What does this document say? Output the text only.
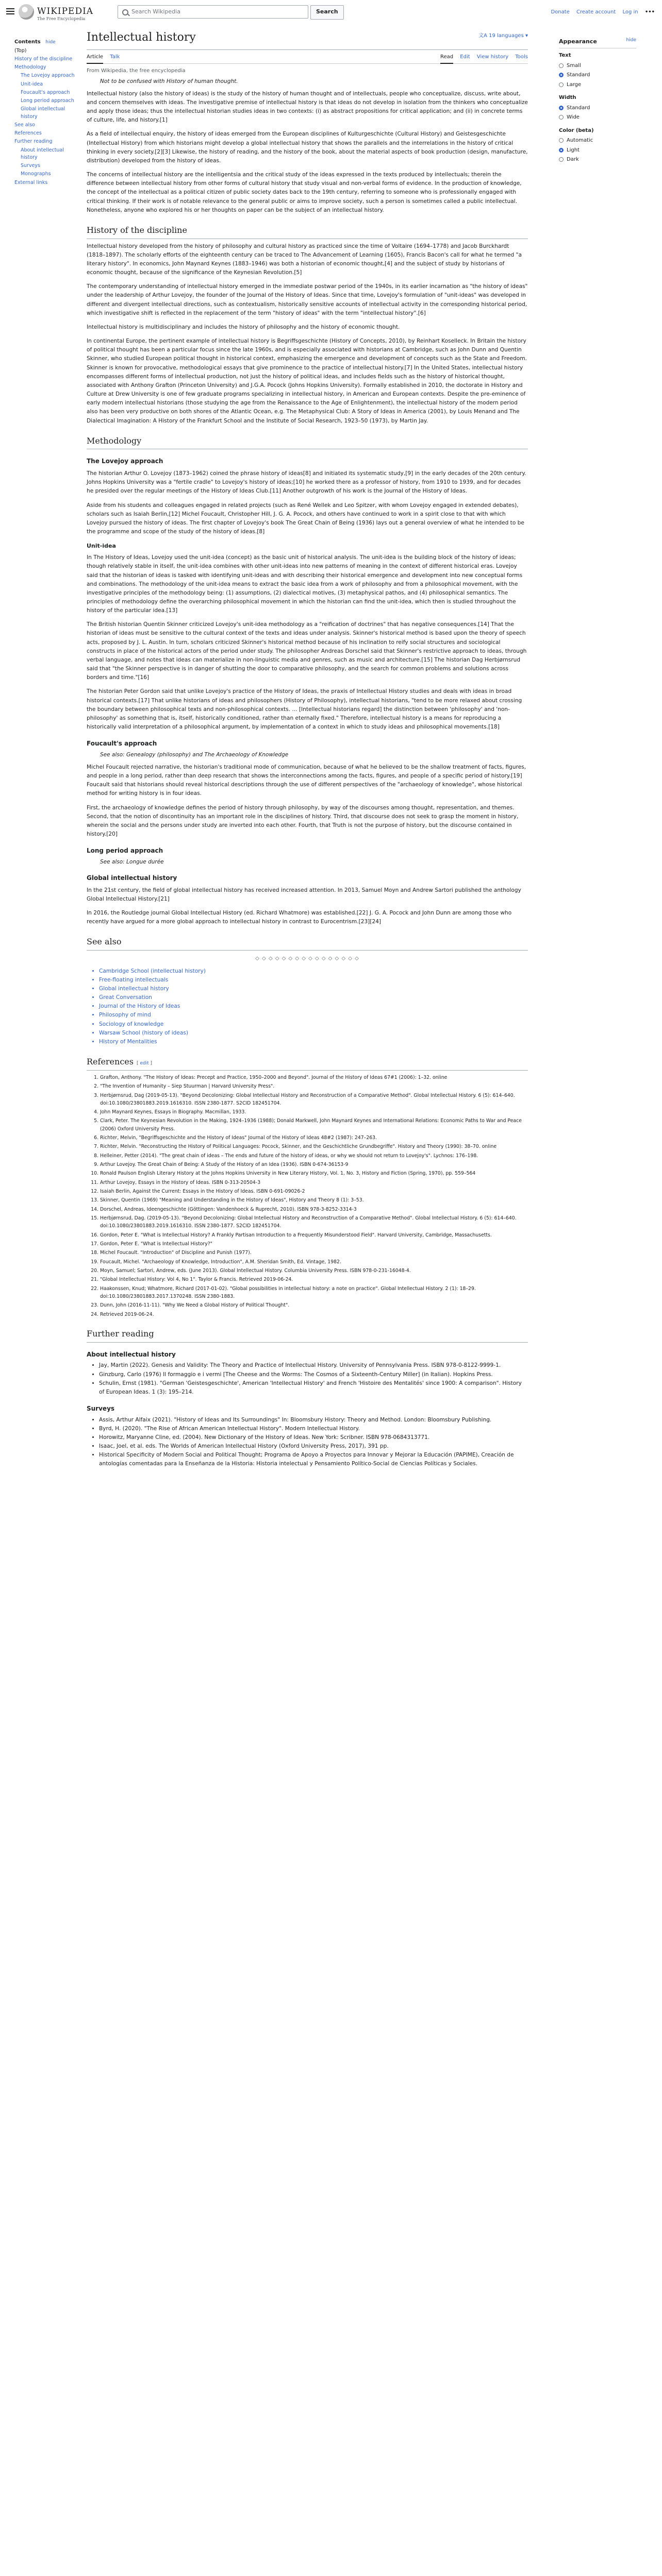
WIKIPEDIA
The Free Encyclopedia
Search Wikipedia	Search	Donate Create account Log in •••
Contents hide
(Top)
History of the discipline
Methodology
The Lovejoy approach
Unit-idea
Foucault's approach
Long period approach
Global intellectual history
See also
References
Further reading
About intellectual history
Surveys
Monographs
External links
Intellectual history	文A 19 languages ▾
Article Talk	Read Edit View history Tools
From Wikipedia, the free encyclopedia
Not to be confused with History of human thought.

Intellectual history (also the history of ideas) is the study of the history of human thought and of intellectuals, people who conceptualize, discuss, write about, and concern themselves with ideas. The investigative premise of intellectual history is that ideas do not develop in isolation from the thinkers who conceptualize and apply those ideas; thus the intellectual historian studies ideas in two contexts: (i) as abstract propositions for critical application; and (ii) in concrete terms of culture, life, and history.[1]

As a field of intellectual enquiry, the history of ideas emerged from the European disciplines of Kulturgeschichte (Cultural History) and Geistesgeschichte (Intellectual History) from which historians might develop a global intellectual history that shows the parallels and the interrelations in the history of critical thinking in every society.[2][3] Likewise, the history of reading, and the history of the book, about the material aspects of book production (design, manufacture, distribution) developed from the history of ideas.

The concerns of intellectual history are the intelligentsia and the critical study of the ideas expressed in the texts produced by intellectuals; therein the difference between intellectual history from other forms of cultural history that study visual and non-verbal forms of evidence. In the production of knowledge, the concept of the intellectual as a political citizen of public society dates back to the 19th century, referring to someone who is professionally engaged with critical thinking. If their work is of notable relevance to the general public or aims to improve society, such a person is sometimes called a public intellectual. Nonetheless, anyone who explored his or her thoughts on paper can be the subject of an intellectual history.

History of the discipline

Intellectual history developed from the history of philosophy and cultural history as practiced since the time of Voltaire (1694–1778) and Jacob Burckhardt (1818–1897). The scholarly efforts of the eighteenth century can be traced to The Advancement of Learning (1605), Francis Bacon's call for what he termed "a literary history". In economics, John Maynard Keynes (1883–1946) was both a historian of economic thought,[4] and the subject of study by historians of economic thought, because of the significance of the Keynesian Revolution.[5]

The contemporary understanding of intellectual history emerged in the immediate postwar period of the 1940s, in its earlier incarnation as "the history of ideas" under the leadership of Arthur Lovejoy, the founder of the Journal of the History of Ideas. Since that time, Lovejoy's formulation of "unit-ideas" was developed in different and divergent intellectual directions, such as contextualism, historically sensitive accounts of intellectual activity in the corresponding historical period, which investigative shift is reflected in the replacement of the term "history of ideas" with the term "intellectual history".[6]

Intellectual history is multidisciplinary and includes the history of philosophy and the history of economic thought.

In continental Europe, the pertinent example of intellectual history is Begriffsgeschichte (History of Concepts, 2010), by Reinhart Koselleck. In Britain the history of political thought has been a particular focus since the late 1960s, and is especially associated with historians at Cambridge, such as John Dunn and Quentin Skinner, who studied European political thought in historical context, emphasizing the emergence and development of concepts such as the State and Freedom. Skinner is known for provocative, methodological essays that give prominence to the practice of intellectual history.[7] In the United States, intellectual history encompasses different forms of intellectual production, not just the history of political ideas, and includes fields such as the history of historical thought, associated with Anthony Grafton (Princeton University) and J.G.A. Pocock (Johns Hopkins University). Formally established in 2010, the doctorate in History and Culture at Drew University is one of few graduate programs specializing in intellectual history, in American and European contexts. Despite the pre-eminence of early modern intellectual historians (those studying the age from the Renaissance to the Age of Enlightenment), the intellectual history of the modern period also has been very productive on both shores of the Atlantic Ocean, e.g. The Metaphysical Club: A Story of Ideas in America (2001), by Louis Menand and The Dialectical Imagination: A History of the Frankfurt School and the Institute of Social Research, 1923–50 (1973), by Martin Jay.

Methodology
The Lovejoy approach

The historian Arthur O. Lovejoy (1873–1962) coined the phrase history of ideas[8] and initiated its systematic study,[9] in the early decades of the 20th century. Johns Hopkins University was a "fertile cradle" to Lovejoy's history of ideas;[10] he worked there as a professor of history, from 1910 to 1939, and for decades he presided over the regular meetings of the History of Ideas Club.[11] Another outgrowth of his work is the Journal of the History of Ideas.

Aside from his students and colleagues engaged in related projects (such as René Wellek and Leo Spitzer, with whom Lovejoy engaged in extended debates), scholars such as Isaiah Berlin,[12] Michel Foucault, Christopher Hill, J. G. A. Pocock, and others have continued to work in a spirit close to that with which Lovejoy pursued the history of ideas. The first chapter of Lovejoy's book The Great Chain of Being (1936) lays out a general overview of what he intended to be the programme and scope of the study of the history of ideas.[8]

Unit-idea

In The History of Ideas, Lovejoy used the unit-idea (concept) as the basic unit of historical analysis. The unit-idea is the building block of the history of ideas; though relatively stable in itself, the unit-idea combines with other unit-ideas into new patterns of meaning in the context of different historical eras. Lovejoy said that the historian of ideas is tasked with identifying unit-ideas and with describing their historical emergence and development into new conceptual forms and combinations. The methodology of the unit-idea means to extract the basic idea from a work of philosophy and from a philosophical movement, with the investigative principles of the methodology being: (1) assumptions, (2) dialectical motives, (3) metaphysical pathos, and (4) philosophical semantics. The principles of methodology define the overarching philosophical movement in which the historian can find the unit-idea, which then is studied throughout the history of the particular idea.[13]

The British historian Quentin Skinner criticized Lovejoy's unit-idea methodology as a "reification of doctrines" that has negative consequences.[14] That the historian of ideas must be sensitive to the cultural context of the texts and ideas under analysis. Skinner's historical method is based upon the theory of speech acts, proposed by J. L. Austin. In turn, scholars criticized Skinner's historical method because of his inclination to reify social structures and sociological constructs in place of the historical actors of the period under study. The philosopher Andreas Dorschel said that Skinner's restrictive approach to ideas, through verbal language, and notes that ideas can materialize in non-linguistic media and genres, such as music and architecture.[15] The historian Dag Herbjørnsrud said that "the Skinner perspective is in danger of shutting the door to comparative philosophy, and the search for common problems and solutions across borders and time."[16]

The historian Peter Gordon said that unlike Lovejoy's practice of the History of Ideas, the praxis of Intellectual History studies and deals with ideas in broad historical contexts.[17] That unlike historians of ideas and philosophers (History of Philosophy), intellectual historians, "tend to be more relaxed about crossing the boundary between philosophical texts and non-philosophical contexts. ... [Intellectual historians regard] the distinction between 'philosophy' and 'non-philosophy' as something that is, itself, historically conditioned, rather than eternally fixed." Therefore, intellectual history is a means for reproducing a historically valid interpretation of a philosophical argument, by implementation of a context in which to study ideas and philosophical movements.[18]

Foucault's approach
See also: Genealogy (philosophy) and The Archaeology of Knowledge

Michel Foucault rejected narrative, the historian's traditional mode of communication, because of what he believed to be the shallow treatment of facts, figures, and people in a long period, rather than deep research that shows the interconnections among the facts, figures, and people of a specific period of history.[19] Foucault said that historians should reveal historical descriptions through the use of different perspectives of the "archaeology of knowledge", whose historical method for writing history is in four ideas.

First, the archaeology of knowledge defines the period of history through philosophy, by way of the discourses among thought, representation, and themes. Second, that the notion of discontinuity has an important role in the disciplines of history. Third, that discourse does not seek to grasp the moment in history, wherein the social and the persons under study are inverted into each other. Fourth, that Truth is not the purpose of history, but the discourse contained in history.[20]

Long period approach
See also: Longue durée
Global intellectual history

In the 21st century, the field of global intellectual history has received increased attention. In 2013, Samuel Moyn and Andrew Sartori published the anthology Global Intellectual History.[21]

In 2016, the Routledge journal Global Intellectual History (ed. Richard Whatmore) was established.[22] J. G. A. Pocock and John Dunn are among those who recently have argued for a more global approach to intellectual history in contrast to Eurocentrism.[23][24]

See also
◇ ◇ ◇ ◇ ◇ ◇ ◇ ◇ ◇ ◇ ◇ ◇ ◇ ◇ ◇ ◇
• Cambridge School (intellectual history)
• Free-floating intellectuals
• Global intellectual history
• Great Conversation
• Journal of the History of Ideas
• Philosophy of mind
• Sociology of knowledge
• Warsaw School (history of ideas)
• History of Mentalities
References [ edit ]
1. Grafton, Anthony. "The History of Ideas: Precept and Practice, 1950–2000 and Beyond". Journal of the History of Ideas 67#1 (2006): 1–32. online
2. "The Invention of Humanity – Siep Stuurman | Harvard University Press".
3. Herbjørnsrud, Dag (2019-05-13). "Beyond Decolonizing: Global Intellectual History and Reconstruction of a Comparative Method". Global Intellectual History. 6 (5): 614–640. doi:10.1080/23801883.2019.1616310. ISSN 2380-1877. S2CID 182451704.
4. John Maynard Keynes, Essays in Biography. Macmillan, 1933.
5. Clark, Peter. The Keynesian Revolution in the Making, 1924–1936 (1988); Donald Markwell, John Maynard Keynes and International Relations: Economic Paths to War and Peace (2006) Oxford University Press.
6. Richter, Melvin, "Begriffsgeschichte and the History of Ideas" Journal of the History of Ideas 48#2 (1987): 247–263.
7. Richter, Melvin. "Reconstructing the History of Political Languages: Pocock, Skinner, and the Geschichtliche Grundbegriffe". History and Theory (1990): 38–70. online
8. Helleiner, Petter (2014). "The great chain of ideas – The ends and future of the history of ideas, or why we should not return to Lovejoy's". Lychnos: 176–198.
9. Arthur Lovejoy. The Great Chain of Being: A Study of the History of an Idea (1936). ISBN 0-674-36153-9
10. Ronald Paulson English Literary History at the Johns Hopkins University in New Literary History, Vol. 1, No. 3, History and Fiction (Spring, 1970), pp. 559–564
11. Arthur Lovejoy, Essays in the History of Ideas. ISBN 0-313-20504-3
12. Isaiah Berlin, Against the Current: Essays in the History of Ideas. ISBN 0-691-09026-2
13. Skinner, Quentin (1969) "Meaning and Understanding in the History of Ideas", History and Theory 8 (1): 3–53.
14. Dorschel, Andreas, Ideengeschichte (Göttingen: Vandenhoeck & Ruprecht, 2010). ISBN 978-3-8252-3314-3
15. Herbjørnsrud, Dag. (2019-05-13). "Beyond Decolonizing: Global Intellectual History and Reconstruction of a Comparative Method". Global Intellectual History. 6 (5): 614–640. doi:10.1080/23801883.2019.1616310. ISSN 2380-1877. S2CID 182451704.
16. Gordon, Peter E. "What is Intellectual History? A Frankly Partisan Introduction to a Frequently Misunderstood Field". Harvard University, Cambridge, Massachusetts.
17. Gordon, Peter E. "What is Intellectual History?"
18. Michel Foucault. "Introduction" of Discipline and Punish (1977).
19. Foucault, Michel. "Archaeology of Knowledge, Introduction", A.M. Sheridan Smith, Ed. Vintage, 1982.
20. Moyn, Samuel; Sartori, Andrew, eds. (June 2013). Global Intellectual History. Columbia University Press. ISBN 978-0-231-16048-4.
21. "Global Intellectual History: Vol 4, No 1". Taylor & Francis. Retrieved 2019-06-24.
22. Haakonssen, Knud; Whatmore, Richard (2017-01-02). "Global possibilities in intellectual history: a note on practice". Global Intellectual History. 2 (1): 18–29. doi:10.1080/23801883.2017.1370248. ISSN 2380-1883.
23. Dunn, John (2016-11-11). "Why We Need a Global History of Political Thought".
24. Retrieved 2019-06-24.
Further reading
About intellectual history
• Jay, Martin (2022). Genesis and Validity: The Theory and Practice of Intellectual History. University of Pennsylvania Press. ISBN 978-0-8122-9999-1.
• Ginzburg, Carlo (1976) Il formaggio e i vermi [The Cheese and the Worms: The Cosmos of a Sixteenth-Century Miller] (in Italian). Hopkins Press.
• Schulin, Ernst (1981). "German 'Geistesgeschichte', American 'Intellectual History' and French 'Histoire des Mentalités' since 1900: A comparison". History of European Ideas. 1 (3): 195–214.
Surveys
• Assis, Arthur Alfaix (2021). "History of Ideas and Its Surroundings" In: Bloomsbury History: Theory and Method. London: Bloomsbury Publishing.
• Byrd, H. (2020). "The Rise of African American Intellectual History". Modern Intellectual History.
• Horowitz, Maryanne Cline, ed. (2004). New Dictionary of the History of Ideas. New York: Scribner. ISBN 978-0684313771.
• Isaac, Joel, et al. eds. The Worlds of American Intellectual History (Oxford University Press, 2017), 391 pp.
• Historical Specificity of Modern Social and Political Thought; Programa de Apoyo a Proyectos para Innovar y Mejorar la Educación (PAPIME), Creación de antologías comentadas para la Enseñanza de la Historia: Historia intelectual y Pensamiento Político-Social de Ciencias Políticas y Sociales.
hide
Appearance
Text
Small
Standard
Large
Width
Standard
Wide
Color (beta)
Automatic
Light
Dark
